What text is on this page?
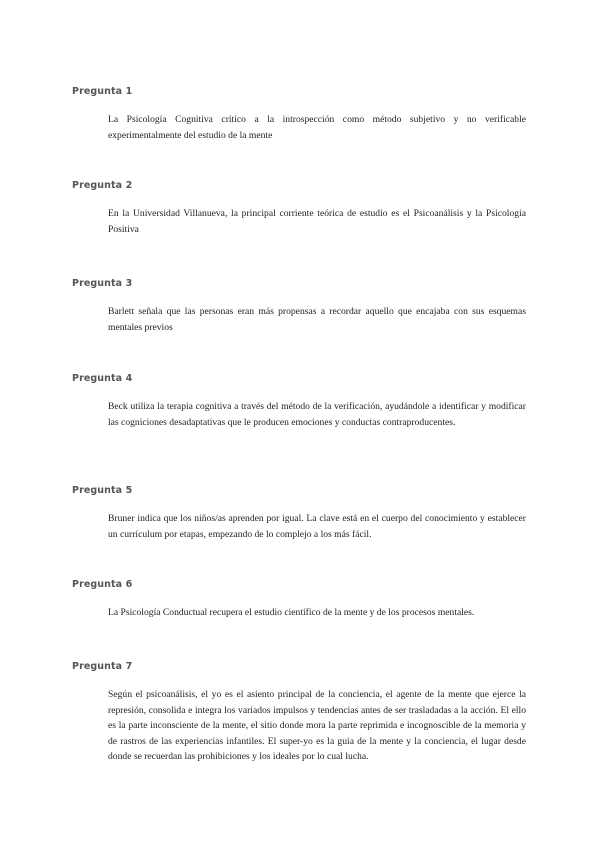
Pregunta 1

La Psicología Cognitiva crítico a la introspección como método subjetivo y no verificable experimentalmente del estudio de la mente

Pregunta 2

En la Universidad Villanueva, la principal corriente teórica de estudio es el Psicoanálisis y la Psicología Positiva

Pregunta 3

Barlett señala que las personas eran más propensas a recordar aquello que encajaba con sus esquemas mentales previos

Pregunta 4

Beck utiliza la terapia cognitiva a través del método de la verificación, ayudándole a identificar y modificar las cogniciones desadaptativas que le producen emociones y conductas contraproducentes.

Pregunta 5

Bruner indica que los niños/as aprenden por igual. La clave está en el cuerpo del conocimiento y establecer un currículum por etapas, empezando de lo complejo a los más fácil.

Pregunta 6

La Psicología Conductual recupera el estudio científico de la mente y de los procesos mentales.

Pregunta 7

Según el psicoanálisis, el yo es el asiento principal de la conciencia, el agente de la mente que ejerce la represión, consolida e integra los variados impulsos y tendencias antes de ser trasladadas a la acción. El ello es la parte inconsciente de la mente, el sitio donde mora la parte reprimida e incognoscible de la memoria y de rastros de las experiencias infantiles. El super-yo es la guía de la mente y la conciencia, el lugar desde donde se recuerdan las prohibiciones y los ideales por lo cual lucha.
